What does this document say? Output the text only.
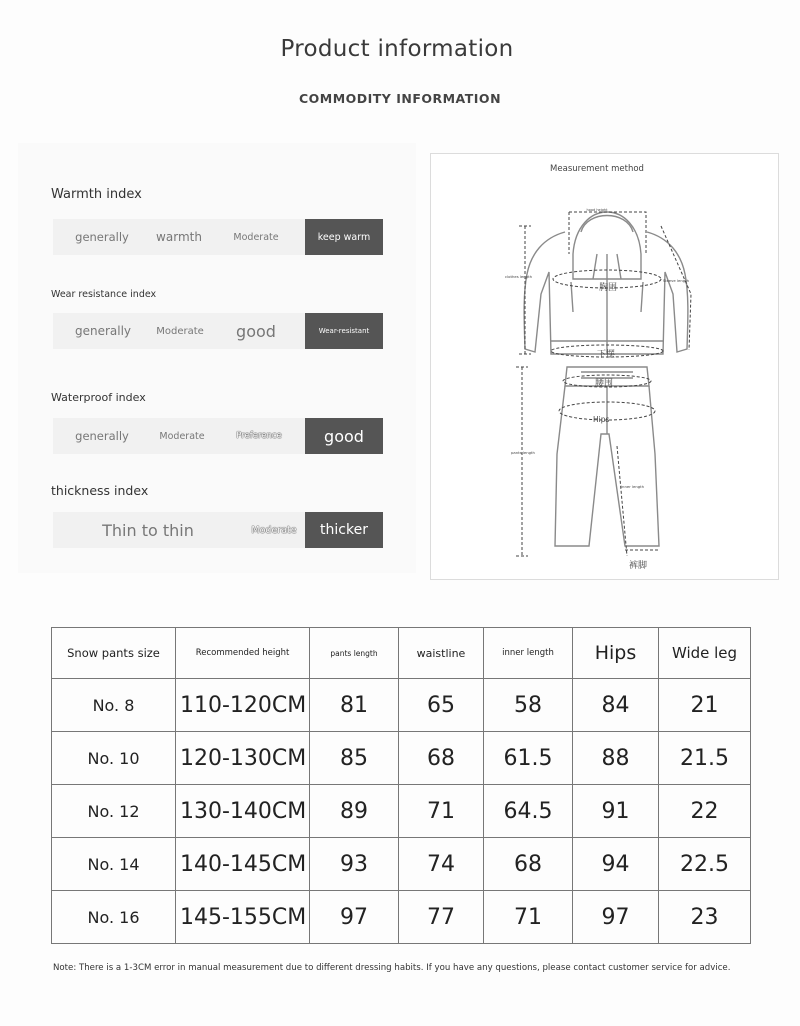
Product information
COMMODITY INFORMATION
Warmth index
generally	warmth	Moderate	keep warm
Wear resistance index
generally	Moderate	good	Wear-resistant
Waterproof index
generally	Moderate	Preference	good
thickness index
Thin to thin	Moderate	thicker
Measurement method
hood height
clothes length
Sleeve length
胸围
下摆
腰围
Hips
pants length
inner length
裤脚
Snow pants size	Recommended height	pants length	waistline	inner length	Hips	Wide leg
No. 8	110-120CM	81	65	58	84	21
No. 10	120-130CM	85	68	61.5	88	21.5
No. 12	130-140CM	89	71	64.5	91	22
No. 14	140-145CM	93	74	68	94	22.5
No. 16	145-155CM	97	77	71	97	23
Note: There is a 1-3CM error in manual measurement due to different dressing habits. If you have any questions, please contact customer service for advice.
